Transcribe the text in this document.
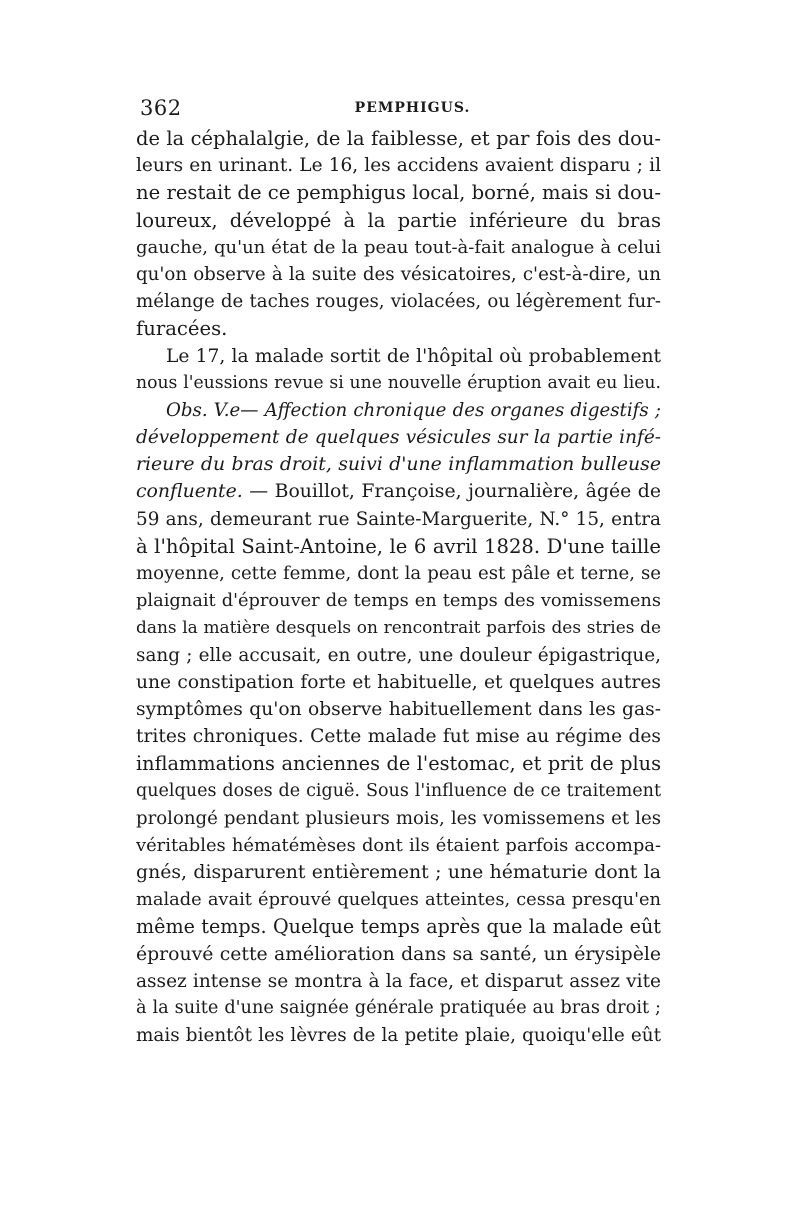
362	PEMPHIGUS.
de la céphalalgie, de la faiblesse, et par fois des dou-
leurs en urinant. Le 16, les accidens avaient disparu ; il
ne restait de ce pemphigus local, borné, mais si dou-
loureux, développé à la partie inférieure du bras
gauche, qu'un état de la peau tout-à-fait analogue à celui
qu'on observe à la suite des vésicatoires, c'est-à-dire, un
mélange de taches rouges, violacées, ou légèrement fur-
furacées.
Le 17, la malade sortit de l'hôpital où probablement
nous l'eussions revue si une nouvelle éruption avait eu lieu.
Obs. V.e— Affection chronique des organes digestifs ;
développement de quelques vésicules sur la partie infé-
rieure du bras droit, suivi d'une inflammation bulleuse
confluente. — Bouillot, Françoise, journalière, âgée de
59 ans, demeurant rue Sainte-Marguerite, N.° 15, entra
à l'hôpital Saint-Antoine, le 6 avril 1828. D'une taille
moyenne, cette femme, dont la peau est pâle et terne, se
plaignait d'éprouver de temps en temps des vomissemens
dans la matière desquels on rencontrait parfois des stries de
sang ; elle accusait, en outre, une douleur épigastrique,
une constipation forte et habituelle, et quelques autres
symptômes qu'on observe habituellement dans les gas-
trites chroniques. Cette malade fut mise au régime des
inflammations anciennes de l'estomac, et prit de plus
quelques doses de ciguë. Sous l'influence de ce traitement
prolongé pendant plusieurs mois, les vomissemens et les
véritables hématémèses dont ils étaient parfois accompa-
gnés, disparurent entièrement ; une hématurie dont la
malade avait éprouvé quelques atteintes, cessa presqu'en
même temps. Quelque temps après que la malade eût
éprouvé cette amélioration dans sa santé, un érysipèle
assez intense se montra à la face, et disparut assez vite
à la suite d'une saignée générale pratiquée au bras droit ;
mais bientôt les lèvres de la petite plaie, quoiqu'elle eût
